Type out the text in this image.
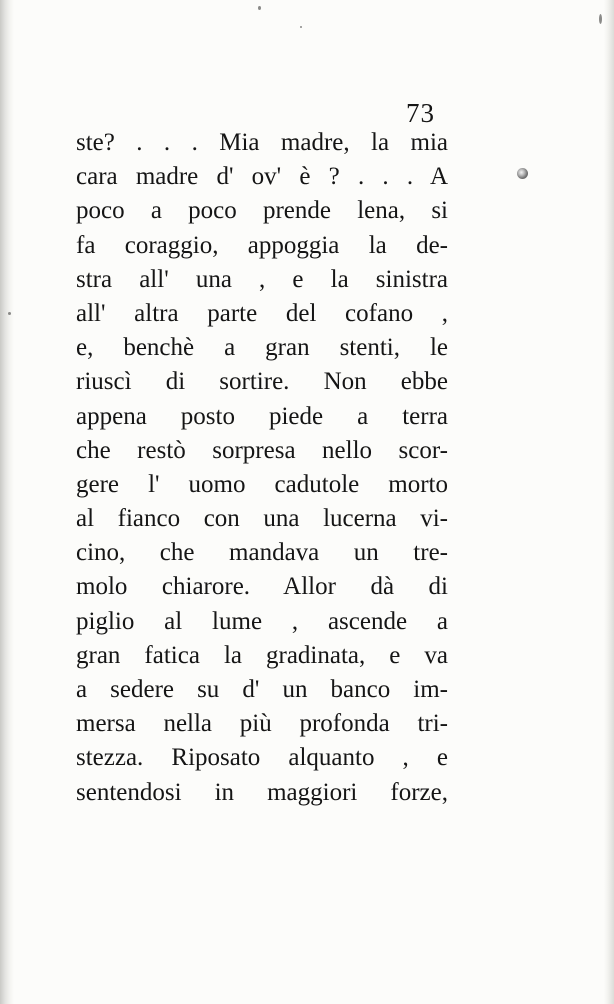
73
ste? . . . Mia madre, la mia
cara madre d' ov' è ? . . . A
poco a poco prende lena, si
fa coraggio, appoggia la de-
stra all' una , e la sinistra
all' altra parte del cofano ,
e, benchè a gran stenti, le
riuscì di sortire. Non ebbe
appena posto piede a terra
che restò sorpresa nello scor-
gere l' uomo cadutole morto
al fianco con una lucerna vi-
cino, che mandava un tre-
molo chiarore. Allor dà di
piglio al lume , ascende a
gran fatica la gradinata, e va
a sedere su d' un banco im-
mersa nella più profonda tri-
stezza. Riposato alquanto , e
sentendosi in maggiori forze,
